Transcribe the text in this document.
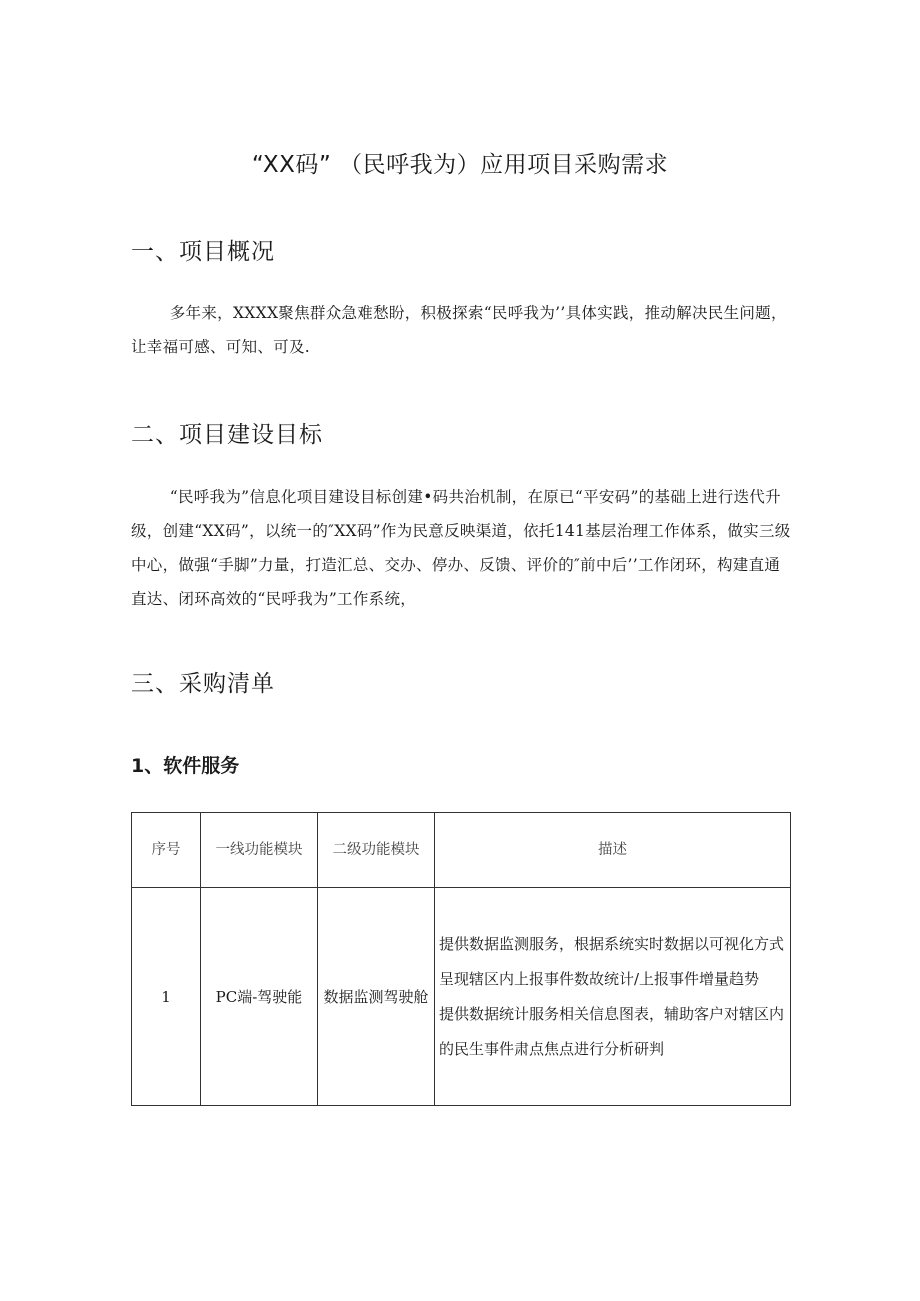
“XX码” （民呼我为）应用项目采购需求
一、项目概况
多年来，XXXX聚焦群众急难愁盼，积极探索“民呼我为’’具体实践，推动解决民生问题，让幸福可感、可知、可及.
二、项目建设目标
“民呼我为”信息化项目建设目标创建•码共治机制，在原已“平安码”的基础上进行迭代升级，创建“XX码”，以统一的″XX码”作为民意反映渠道，依托141基层治理工作体系，做实三级中心，做强“手脚”力量，打造汇总、交办、停办、反馈、评价的″前中后’’工作闭环，构建直通直达、闭环高效的“民呼我为”工作系统，
三、采购清单
1、软件服务
序号	一线功能模块	二级功能模块	描述
1	PC端-驾驶能	数据监测驾驶舱	提供数据监测服务，根据系统实时数据以可视化方式呈现辖区内上报事件数故统计/上报事件增量趋势
提供数据统计服务相关信息图表，辅助客户对辖区内的民生事件肃点焦点进行分析研判
